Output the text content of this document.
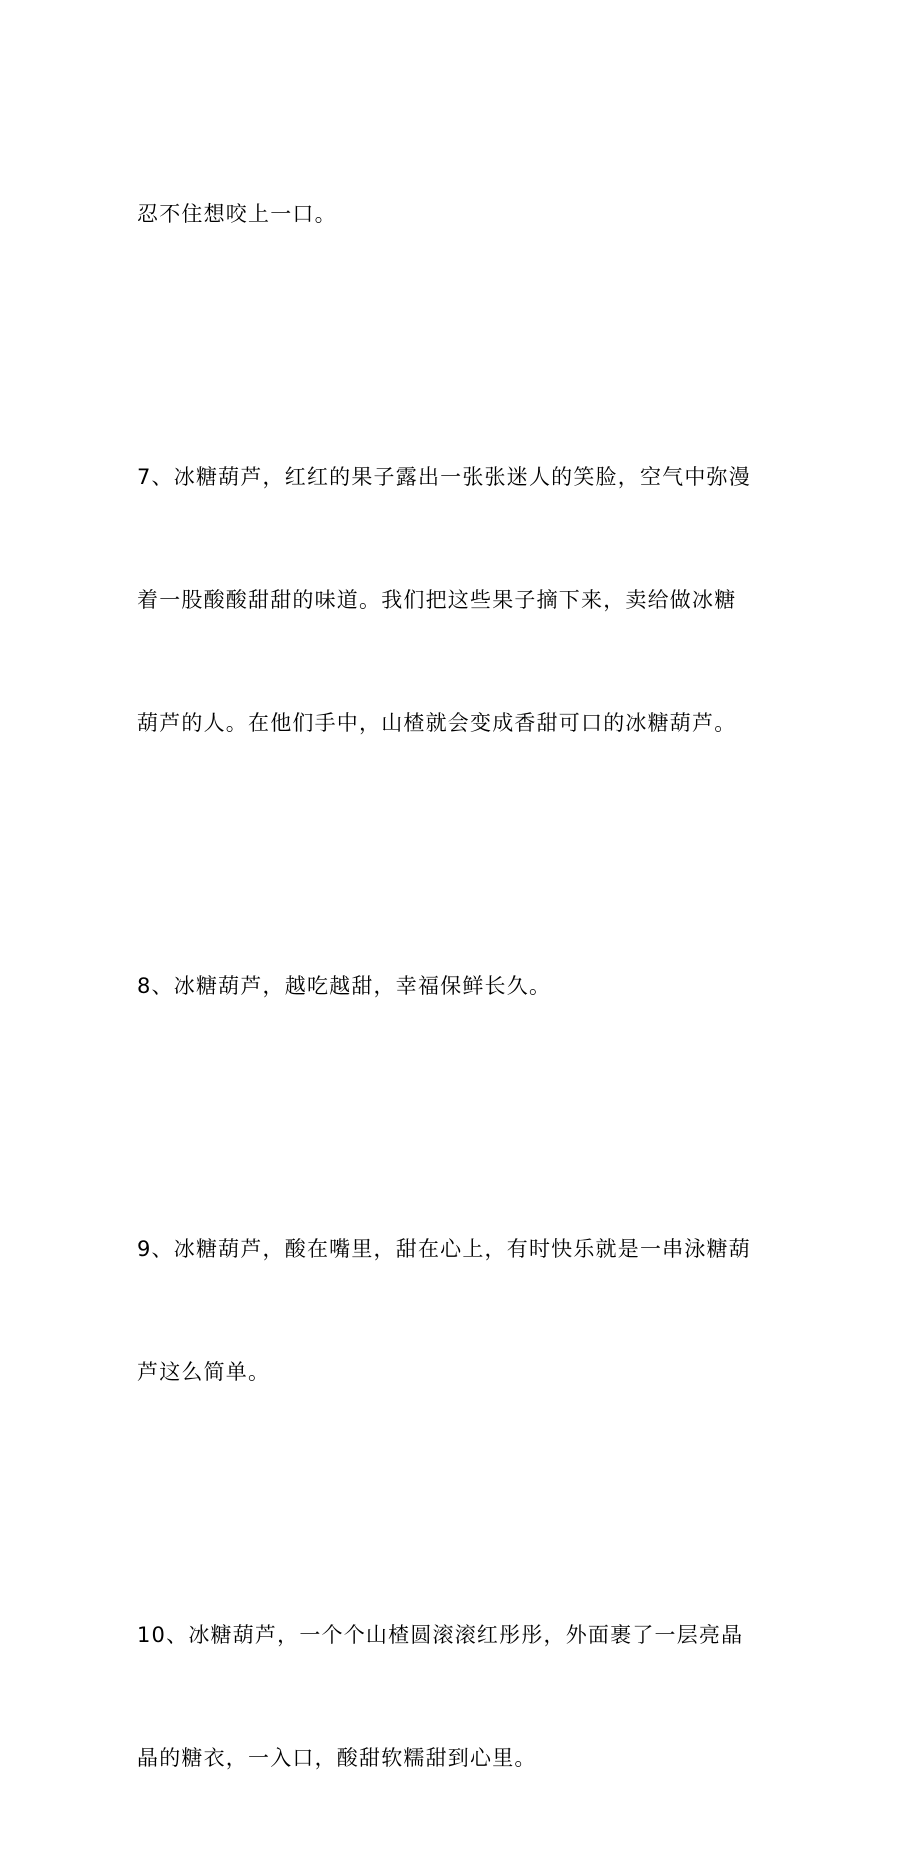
忍不住想咬上一口。

7、冰糖葫芦，红红的果子露出一张张迷人的笑脸，空气中弥漫

着一股酸酸甜甜的味道。我们把这些果子摘下来，卖给做冰糖

葫芦的人。在他们手中，山楂就会变成香甜可口的冰糖葫芦。

8、冰糖葫芦，越吃越甜，幸福保鲜长久。

9、冰糖葫芦，酸在嘴里，甜在心上，有时快乐就是一串泳糖葫

芦这么简单。

10、冰糖葫芦，一个个山楂圆滚滚红彤彤，外面裹了一层亮晶

晶的糖衣，一入口，酸甜软糯甜到心里。
